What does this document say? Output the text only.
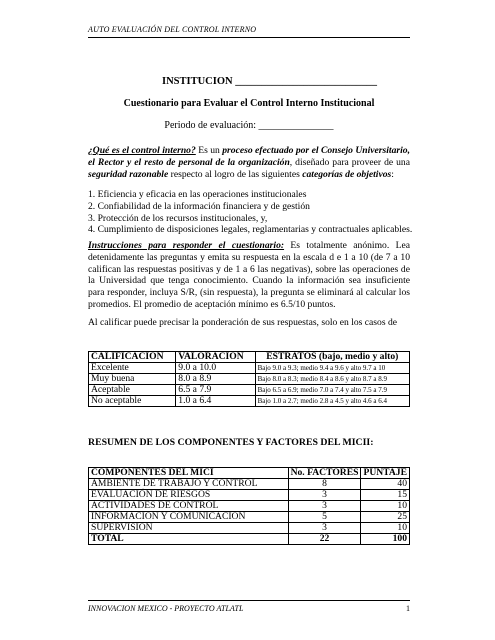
AUTO EVALUACIÓN DEL CONTROL INTERNO
INSTITUCION ___________________________
Cuestionario para Evaluar el Control Interno Institucional
Periodo de evaluación: _______________
¿Qué es el control interno? Es un proceso efectuado por el Consejo Universitario, el Rector y el resto de personal de la organización, diseñado para proveer de una seguridad razonable respecto al logro de las siguientes categorías de objetivos:
1. Eficiencia y eficacia en las operaciones institucionales
2. Confiabilidad de la información financiera y de gestión
3. Protección de los recursos institucionales, y,
4. Cumplimiento de disposiciones legales, reglamentarias y contractuales aplicables.
Instrucciones para responder el cuestionario: Es totalmente anónimo. Lea detenidamente las preguntas y emita su respuesta en la escala d e 1 a 10 (de 7 a 10 califican las respuestas positivas y de 1 a 6 las negativas), sobre las operaciones de la Universidad que tenga conocimiento. Cuando la información sea insuficiente para responder, incluya S/R, (sin respuesta), la pregunta se eliminará al calcular los promedios. El promedio de aceptación mínimo es 6.5/10 puntos.
Al calificar puede precisar la ponderación de sus respuestas, solo en los casos de
CALIFICACION	VALORACION	ESTRATOS (bajo, medio y alto)
Excelente	9.0 a 10.0	Bajo 9.0 a 9.3; medio 9.4 a 9.6 y alto 9.7 a 10
Muy buena	8.0 a 8.9	Bajo 8.0 a 8.3; medio 8.4 a 8.6 y alto 8.7 a 8.9
Aceptable	6.5 a 7.9	Bajo 6.5 a 6.9; medio 7.0 a 7.4 y alto 7.5 a 7.9
No aceptable	1.0 a 6.4	Bajo 1.0 a 2.7; medio 2.8 a 4.5 y alto 4.6 a 6.4
RESUMEN DE LOS COMPONENTES Y FACTORES DEL MICII:
COMPONENTES DEL MICI	No. FACTORES	PUNTAJE
AMBIENTE DE TRABAJO Y CONTROL	8	40
EVALUACIÓN DE RIESGOS	3	15
ACTIVIDADES DE CONTROL	3	10
INFORMACION Y COMUNICACION	5	25
SUPERVISION	3	10
TOTAL	22	100
INNOVACION MEXICO - PROYECTO ATLATL	1
